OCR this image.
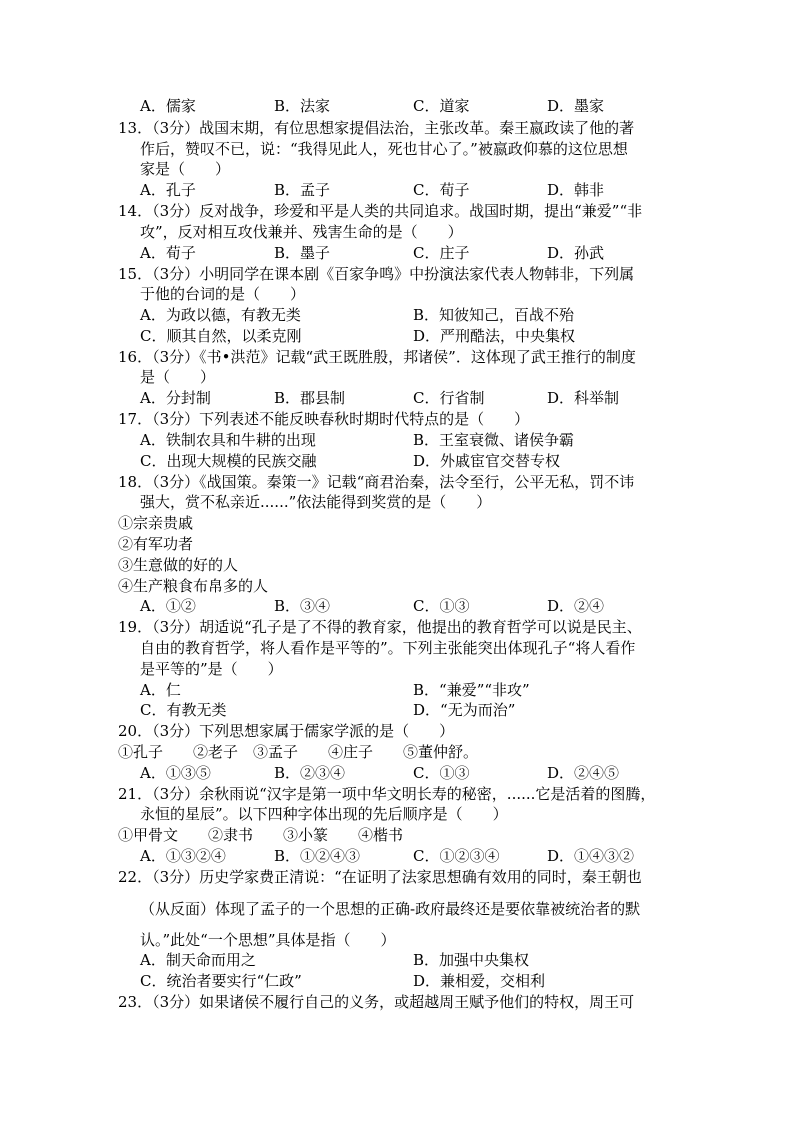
A．儒家	B．法家	C．道家	D．墨家
13．（3分）战国末期，有位思想家提倡法治，主张改革。秦王嬴政读了他的著
作后，赞叹不已，说：“我得见此人，死也甘心了。”被嬴政仰慕的这位思想
家是（　　）
A．孔子	B．孟子	C．荀子	D．韩非
14．（3分）反对战争，珍爱和平是人类的共同追求。战国时期，提出“兼爱”“非
攻”，反对相互攻伐兼并、残害生命的是（　　）
A．荀子	B．墨子	C．庄子	D．孙武
15．（3分）小明同学在课本剧《百家争鸣》中扮演法家代表人物韩非，下列属
于他的台词的是（　　）
A．为政以德，有教无类	B．知彼知己，百战不殆
C．顺其自然，以柔克刚	D．严刑酷法，中央集权
16．（3分）《书•洪范》记载“武王既胜殷，邦诸侯”．这体现了武王推行的制度
是（　　）
A．分封制	B．郡县制	C．行省制	D．科举制
17．（3分）下列表述不能反映春秋时期时代特点的是（　　）
A．铁制农具和牛耕的出现	B．王室衰微、诸侯争霸
C．出现大规模的民族交融	D．外戚宦官交替专权
18．（3分）《战国策。秦策一》记载“商君治秦，法令至行，公平无私，罚不讳
强大，赏不私亲近......”依法能得到奖赏的是（　　）
①宗亲贵戚
②有军功者
③生意做的好的人
④生产粮食布帛多的人
A．①②	B．③④	C．①③	D．②④
19．（3分）胡适说“孔子是了不得的教育家，他提出的教育哲学可以说是民主、
自由的教育哲学，将人看作是平等的”。下列主张能突出体现孔子“将人看作
是平等的”是（　　）
A．仁	B．“兼爱”“非攻”
C．有教无类	D．“无为而治”
20．（3分）下列思想家属于儒家学派的是（　　）
①孔子　　②老子　③孟子　　④庄子　　⑤董仲舒。
A．①③⑤	B．②③④	C．①③	D．②④⑤
21．（3分）余秋雨说“汉字是第一项中华文明长寿的秘密，......它是活着的图腾，
永恒的星辰”。以下四种字体出现的先后顺序是（　　）
①甲骨文　　②隶书　　③小篆　　④楷书
A．①③②④	B．①②④③	C．①②③④	D．①④③②
22．（3分）历史学家费正清说：“在证明了法家思想确有效用的同时，秦王朝也
（从反面）体现了孟子的一个思想的正确-政府最终还是要依靠被统治者的默
认。”此处“一个思想”具体是指（　　）
A．制天命而用之	B．加强中央集权
C．统治者要实行“仁政”	D．兼相爱，交相利
23．（3分）如果诸侯不履行自己的义务，或超越周王赋予他们的特权，周王可
